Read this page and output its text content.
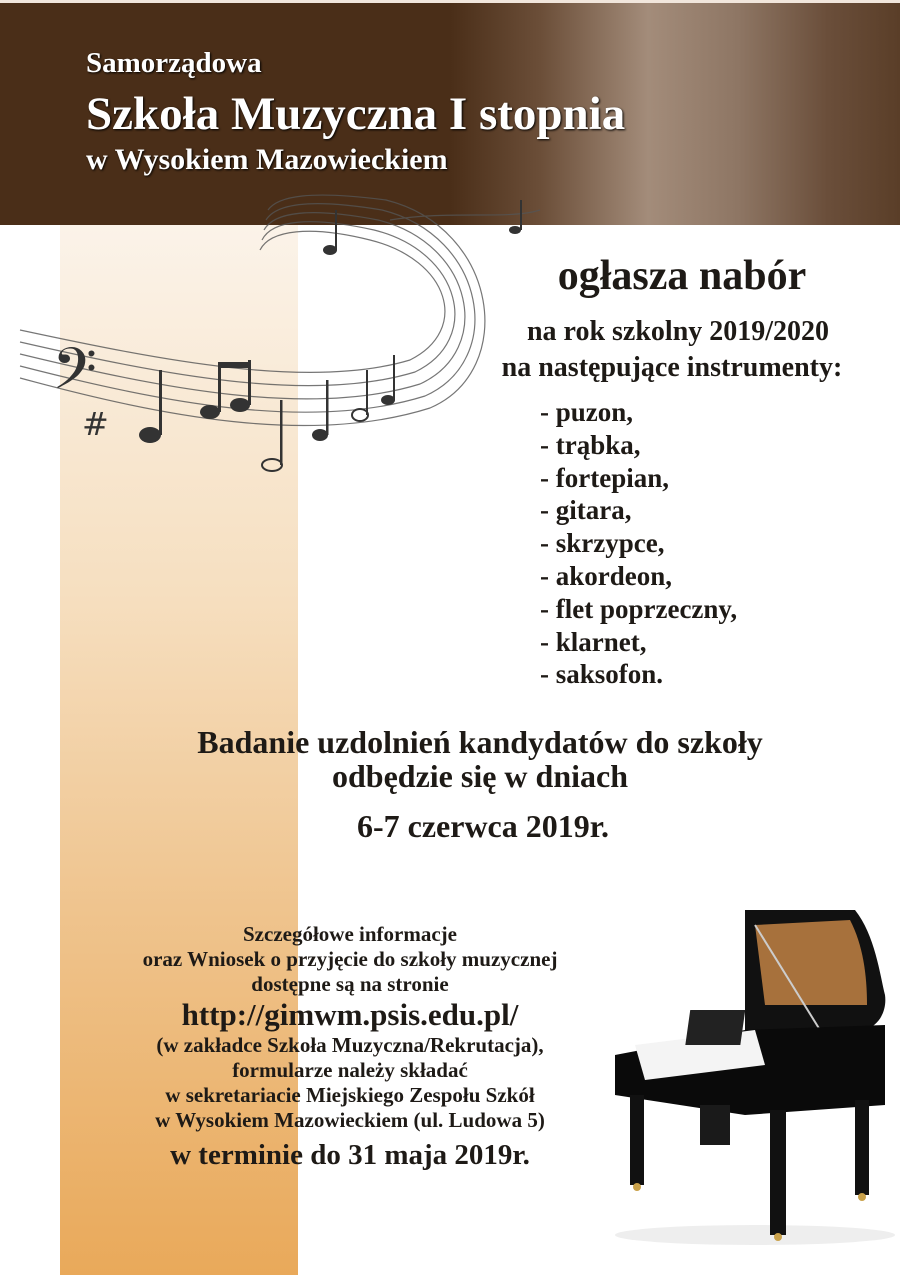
Samorządowa
Szkoła Muzyczna I stopnia
w Wysokiem Mazowieckiem
𝄢
#
ogłasza nabór
na rok szkolny 2019/2020
na następujące instrumenty:
- puzon,
- trąbka,
- fortepian,
- gitara,
- skrzypce,
- akordeon,
- flet poprzeczny,
- klarnet,
- saksofon.
Badanie uzdolnień kandydatów do szkoły
odbędzie się w dniach
6-7 czerwca 2019r.
Szczegółowe informacje
oraz Wniosek o przyjęcie do szkoły muzycznej
dostępne są na stronie
http://gimwm.psis.edu.pl/
(w zakładce Szkoła Muzyczna/Rekrutacja),
formularze należy składać
w sekretariacie Miejskiego Zespołu Szkół
w Wysokiem Mazowieckiem (ul. Ludowa 5)
w terminie do 31 maja 2019r.
